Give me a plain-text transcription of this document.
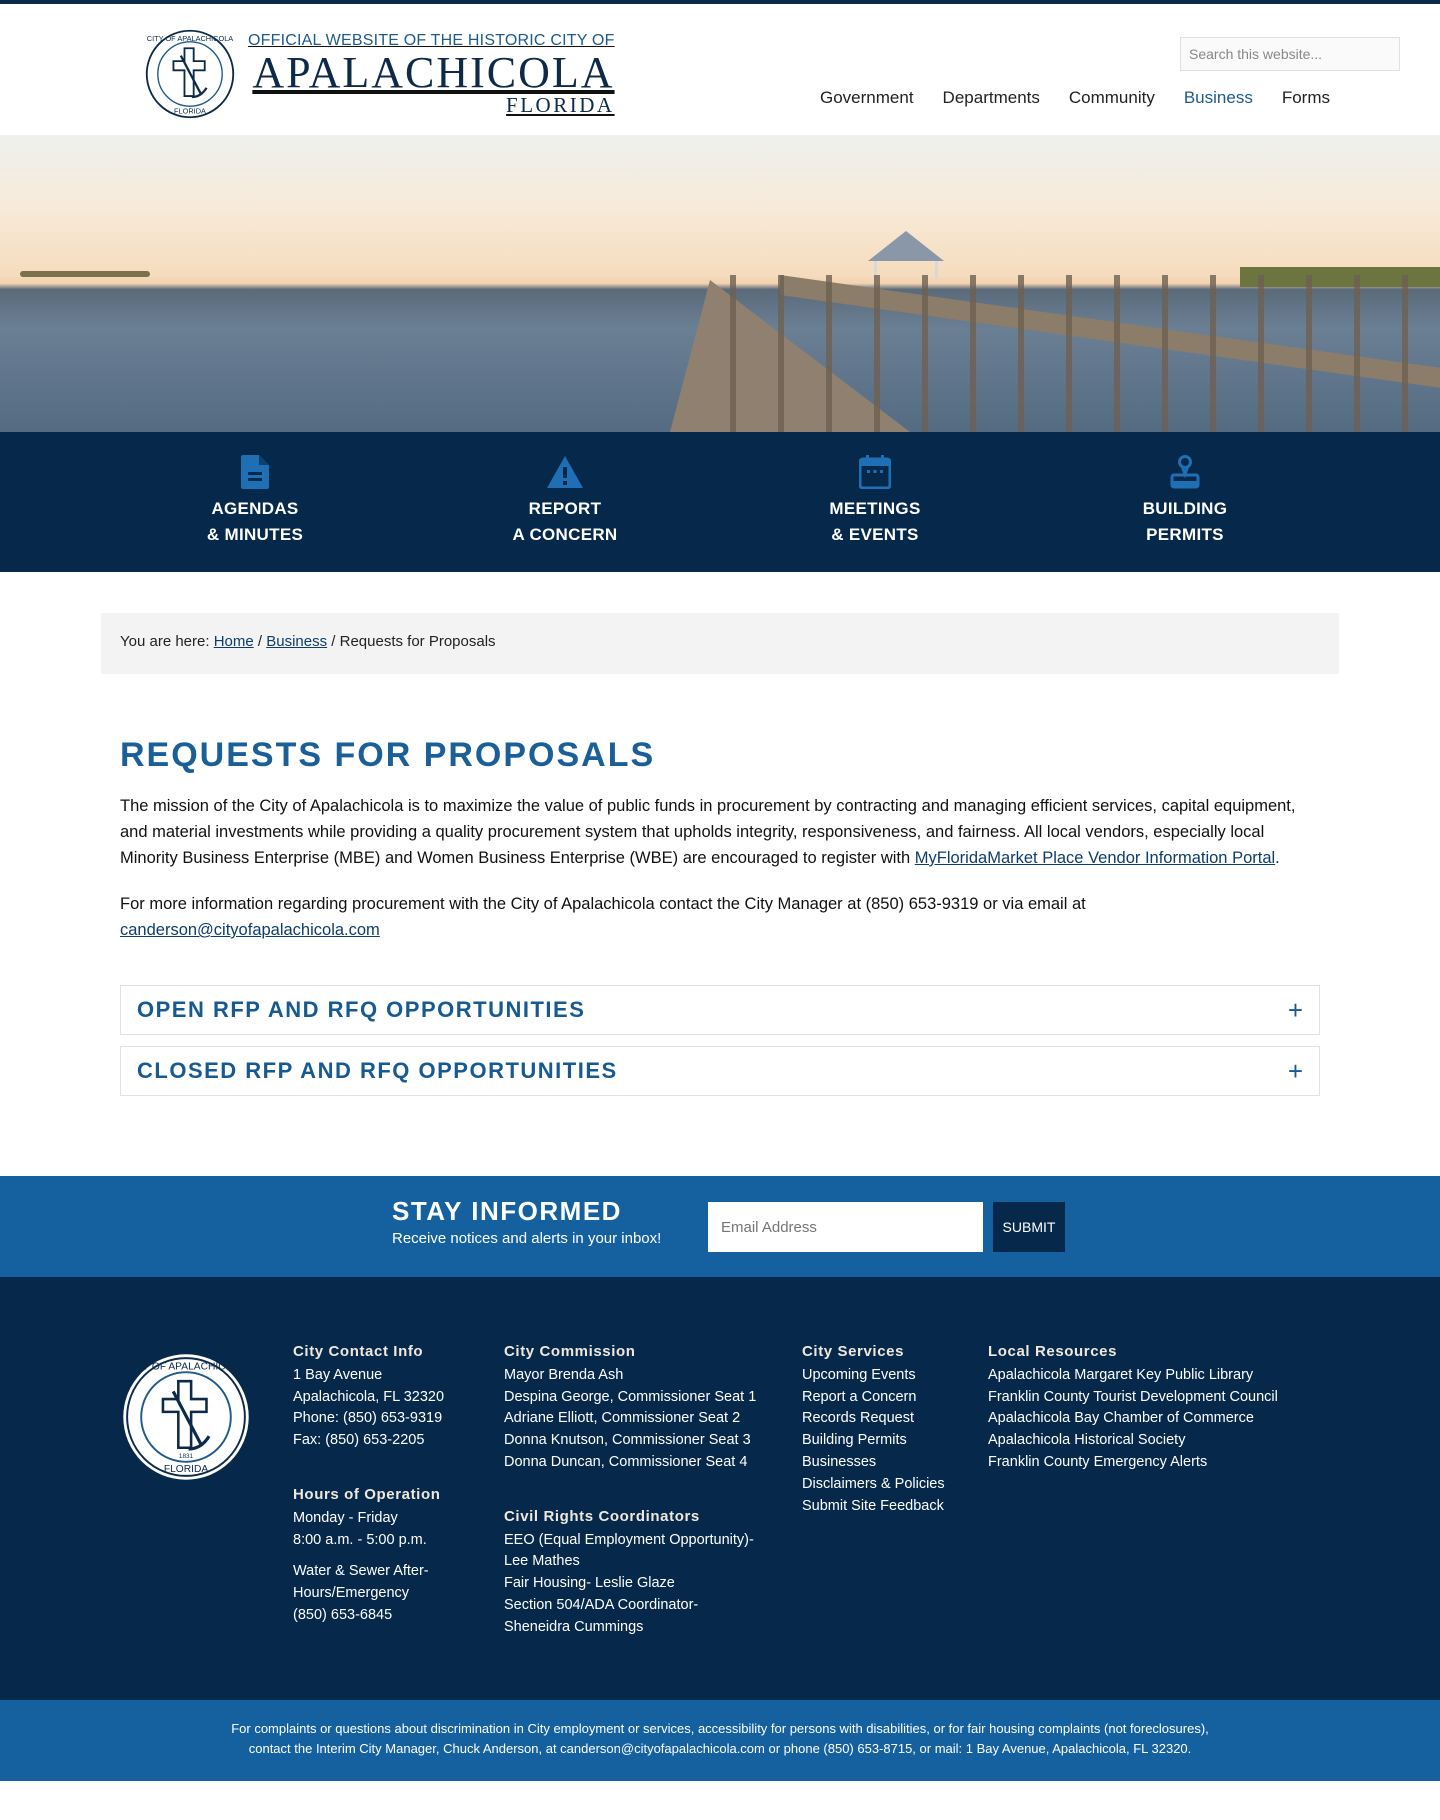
CITY OF APALACHICOLA
FLORIDA
OFFICIAL WEBSITE OF THE HISTORIC CITY OF
APALACHICOLA
FLORIDA
Search this website...	Government Departments Community Business Forms
AGENDAS
& MINUTES
REPORT
A CONCERN
MEETINGS
& EVENTS
BUILDING
PERMITS
You are here: Home / Business / Requests for Proposals
REQUESTS FOR PROPOSALS

The mission of the City of Apalachicola is to maximize the value of public funds in procurement by contracting and managing efficient services, capital equipment, and material investments while providing a quality procurement system that upholds integrity, responsiveness, and fairness. All local vendors, especially local Minority Business Enterprise (MBE) and Women Business Enterprise (WBE) are encouraged to register with MyFloridaMarket Place Vendor Information Portal.

For more information regarding procurement with the City of Apalachicola contact the City Manager at (850) 653-9319 or via email at canderson@cityofapalachicola.com

OPEN RFP AND RFQ OPPORTUNITIES	+
CLOSED RFP AND RFQ OPPORTUNITIES	+
STAY INFORMED
Receive notices and alerts in your inbox!
Email Address
SUBMIT
CITY OF APALACHICOLA
1831
FLORIDA
City Contact Info
1 Bay Avenue
Apalachicola, FL 32320
Phone: (850) 653-9319
Fax: (850) 653-2205
Hours of Operation
Monday - Friday
8:00 a.m. - 5:00 p.m.
Water & Sewer After-
Hours/Emergency
(850) 653-6845
City Commission
Mayor Brenda Ash
Despina George, Commissioner Seat 1
Adriane Elliott, Commissioner Seat 2
Donna Knutson, Commissioner Seat 3
Donna Duncan, Commissioner Seat 4
Civil Rights Coordinators
EEO (Equal Employment Opportunity)-
Lee Mathes
Fair Housing- Leslie Glaze
Section 504/ADA Coordinator-
Sheneidra Cummings
City Services
Upcoming Events
Report a Concern
Records Request
Building Permits
Businesses
Disclaimers & Policies
Submit Site Feedback
Local Resources
Apalachicola Margaret Key Public Library
Franklin County Tourist Development Council
Apalachicola Bay Chamber of Commerce
Apalachicola Historical Society
Franklin County Emergency Alerts
For complaints or questions about discrimination in City employment or services, accessibility for persons with disabilities, or for fair housing complaints (not foreclosures),
contact the Interim City Manager, Chuck Anderson, at canderson@cityofapalachicola.com or phone (850) 653-8715, or mail: 1 Bay Avenue, Apalachicola, FL 32320.
